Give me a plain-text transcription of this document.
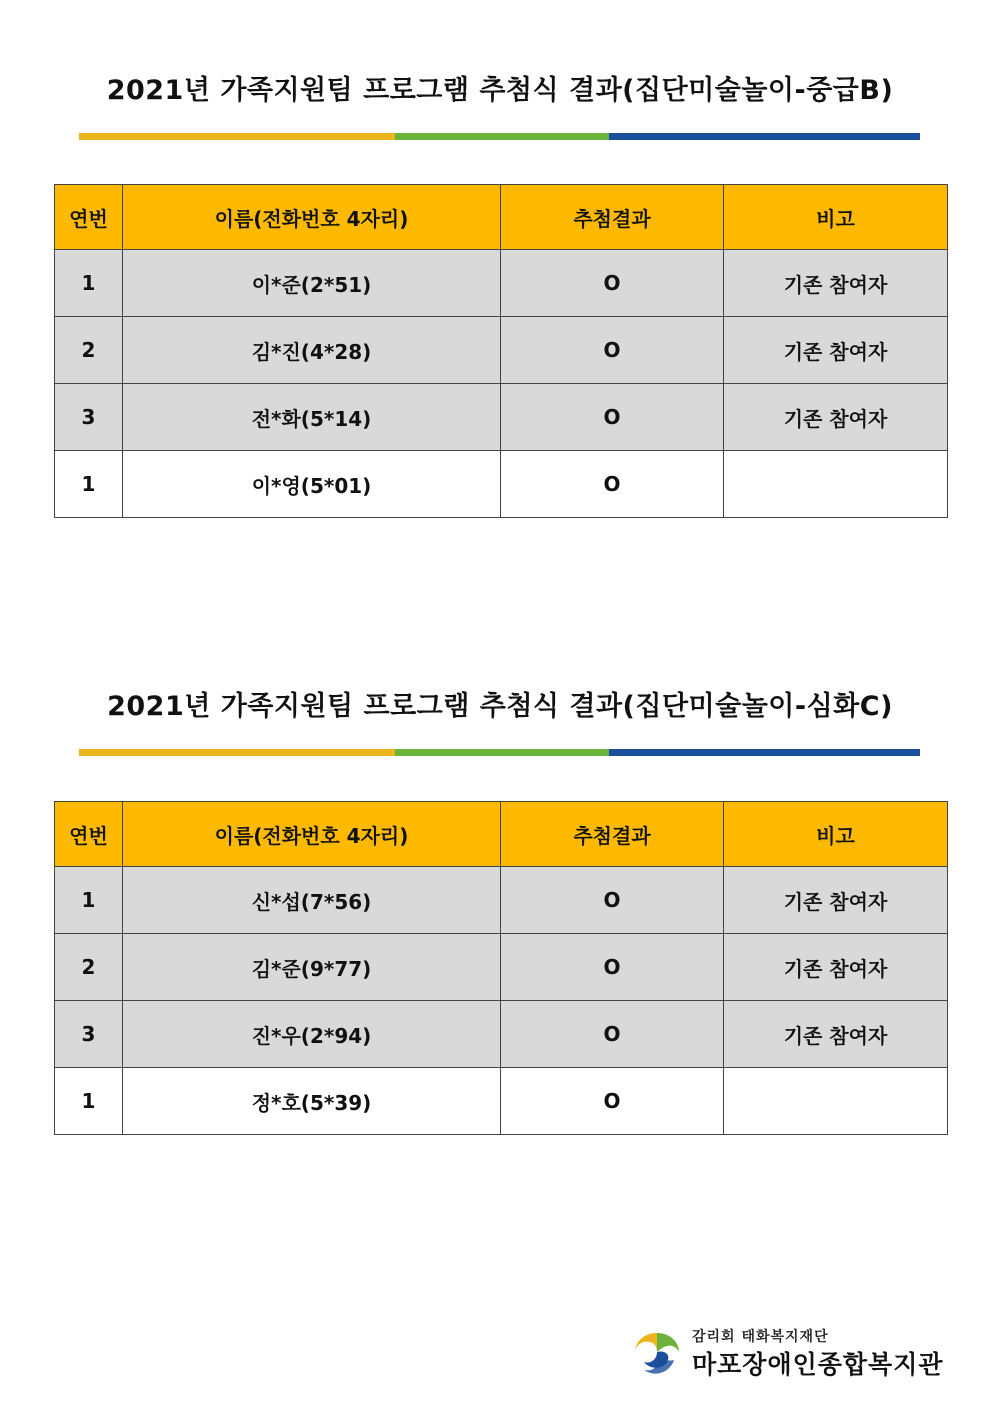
2021년 가족지원팀 프로그램 추첨식 결과(집단미술놀이-중급B)
연번	이름(전화번호 4자리)	추첨결과	비고
1	이*준(2*51)	O	기존 참여자
2	김*진(4*28)	O	기존 참여자
3	전*화(5*14)	O	기존 참여자
1	이*영(5*01)	O	
2021년 가족지원팀 프로그램 추첨식 결과(집단미술놀이-심화C)
연번	이름(전화번호 4자리)	추첨결과	비고
1	신*섭(7*56)	O	기존 참여자
2	김*준(9*77)	O	기존 참여자
3	진*우(2*94)	O	기존 참여자
1	정*호(5*39)	O	
감리회 태화복지재단
마포장애인종합복지관
